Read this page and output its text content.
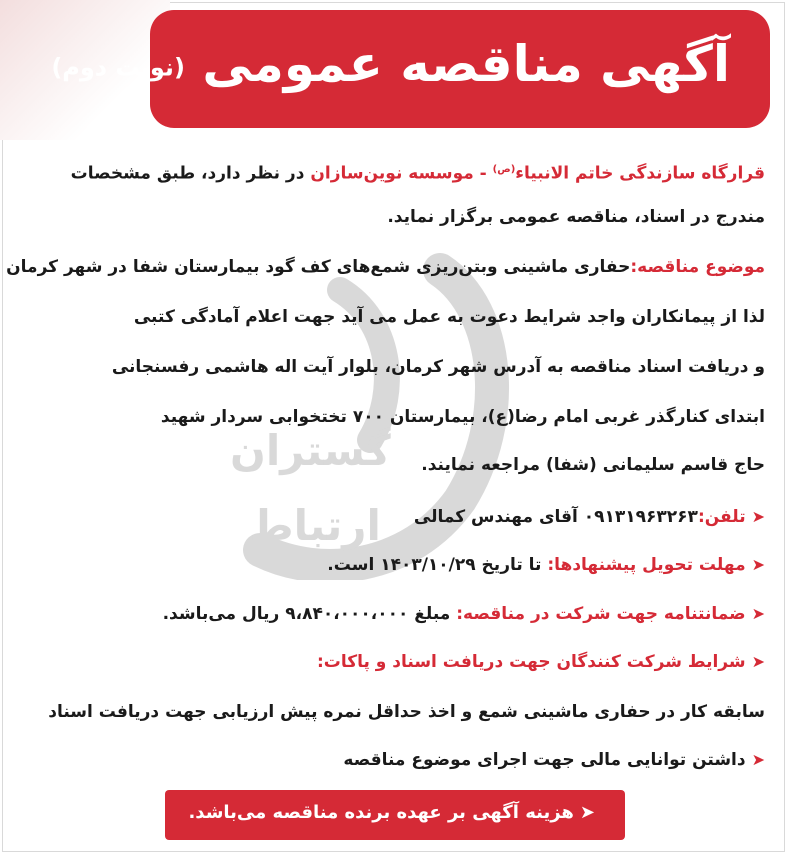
آگهی مناقصه عمومی (نوبت دوم)
گستران
ارتباط
قرارگاه سازندگی خاتم الانبیاء$^{(ص)}$ - موسسه نوین‌سازان در نظر دارد، طبق مشخصات
مندرج در اسناد، مناقصه عمومی برگزار نماید.
موضوع مناقصه:حفاری ماشینی وبتن‌ریزی شمع‌های کف گود بیمارستان شفا در شهر کرمان
لذا از پیمانکاران واجد شرایط دعوت به عمل می آید جهت اعلام آمادگی کتبی
و دریافت اسناد مناقصه به آدرس شهر کرمان، بلوار آیت اله هاشمی رفسنجانی
ابتدای کنارگذر غربی امام رضا(ع)، بیمارستان ۷۰۰ تختخوابی سردار شهید
حاج قاسم سلیمانی (شفا) مراجعه نمایند.
➤تلفن:۰۹۱۳۱۹۶۳۲۶۳ آقای مهندس کمالی
➤مهلت تحویل پیشنهادها: تا تاریخ ۱۴۰۳/۱۰/۲۹ است.
➤ضمانتنامه جهت شرکت در مناقصه: مبلغ ۹،۸۴۰،۰۰۰،۰۰۰ ریال می‌باشد.
➤شرایط شرکت کنندگان جهت دریافت اسناد و پاکات:
سابقه کار در حفاری ماشینی شمع و اخذ حداقل نمره پیش ارزیابی جهت دریافت اسناد
➤داشتن توانایی مالی جهت اجرای موضوع مناقصه
➤هزینه آگهی بر عهده برنده مناقصه می‌باشد.
